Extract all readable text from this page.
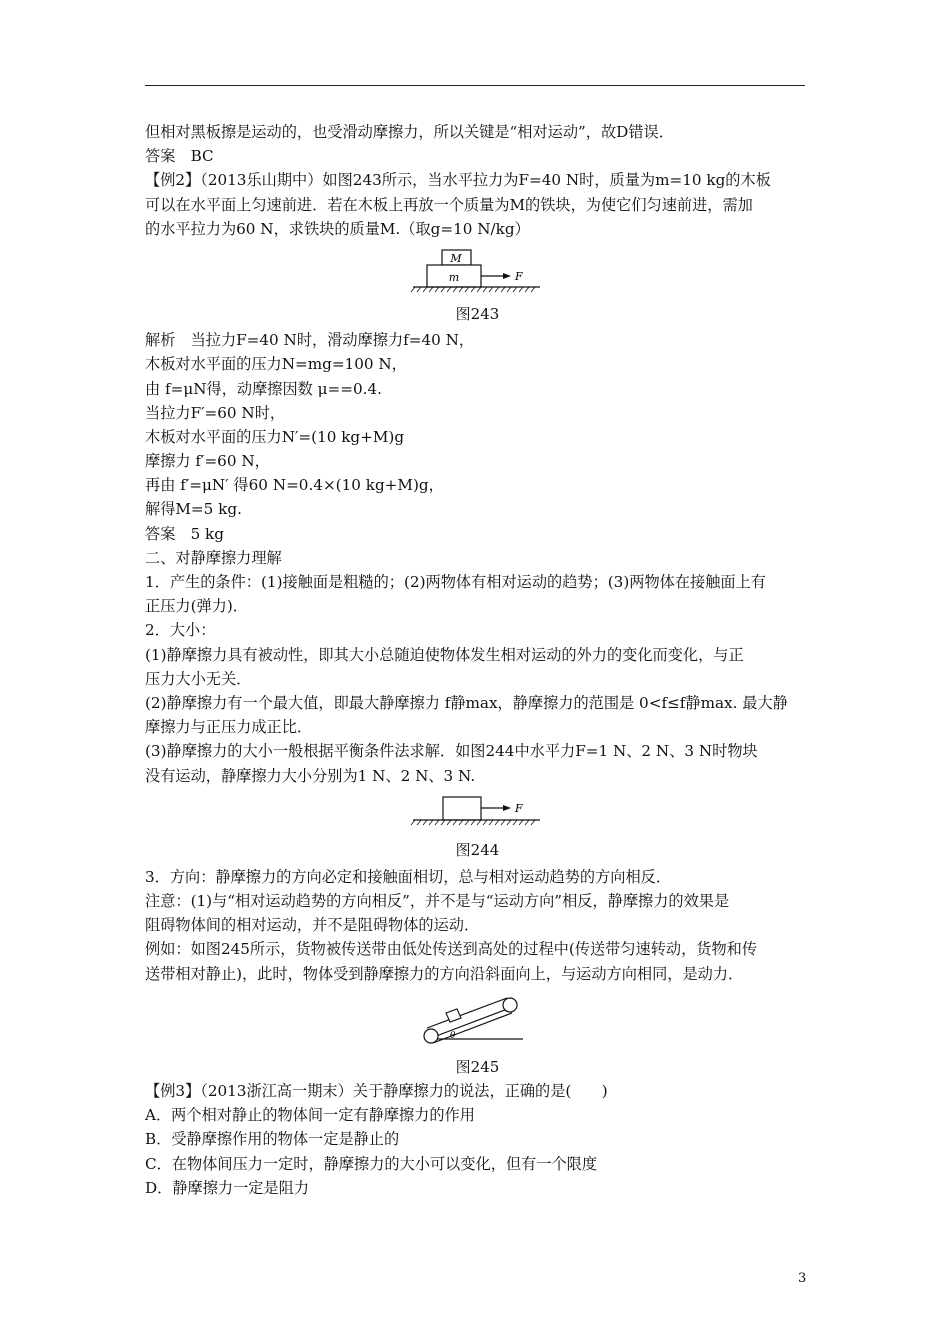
但相对黑板擦是运动的，也受滑动摩擦力，所以关键是“相对运动”，故D错误．
答案　BC
【例2】（2013乐山期中）如图243所示，当水平拉力为F=40 N时，质量为m=10 kg的木板
可以在水平面上匀速前进．若在木板上再放一个质量为M的铁块，为使它们匀速前进，需加
的水平拉力为60 N，求铁块的质量M.（取g=10 N/kg）
M
m	F
图243
解析　当拉力F=40 N时，滑动摩擦力f=40 N，
木板对水平面的压力N=mg=100 N，
由 f=μN得，动摩擦因数 μ==0.4.
当拉力F′=60 N时，
木板对水平面的压力N′=(10 kg+M)g
摩擦力 f′=60 N，
再由 f′=μN′ 得60 N=0.4×(10 kg+M)g，
解得M=5 kg.
答案　5 kg
二、对静摩擦力理解
1．产生的条件：(1)接触面是粗糙的；(2)两物体有相对运动的趋势；(3)两物体在接触面上有
正压力(弹力)．
2．大小：
(1)静摩擦力具有被动性，即其大小总随迫使物体发生相对运动的外力的变化而变化，与正
压力大小无关．
(2)静摩擦力有一个最大值，即最大静摩擦力 f静max，静摩擦力的范围是 0<f≤f静max. 最大静
摩擦力与正压力成正比．
(3)静摩擦力的大小一般根据平衡条件法求解．如图244中水平力F=1 N、2 N、3 N时物块
没有运动，静摩擦力大小分别为1 N、2 N、3 N.
F
图244
3．方向：静摩擦力的方向必定和接触面相切，总与相对运动趋势的方向相反．
注意：(1)与“相对运动趋势的方向相反”，并不是与“运动方向”相反，静摩擦力的效果是
阻碍物体间的相对运动，并不是阻碍物体的运动．
例如：如图245所示，货物被传送带由低处传送到高处的过程中(传送带匀速转动，货物和传
送带相对静止)，此时，物体受到静摩擦力的方向沿斜面向上，与运动方向相同，是动力．
θ
图245
【例3】（2013浙江高一期末）关于静摩擦力的说法，正确的是(　　)
A．两个相对静止的物体间一定有静摩擦力的作用
B．受静摩擦作用的物体一定是静止的
C．在物体间压力一定时，静摩擦力的大小可以变化，但有一个限度
D．静摩擦力一定是阻力
3
